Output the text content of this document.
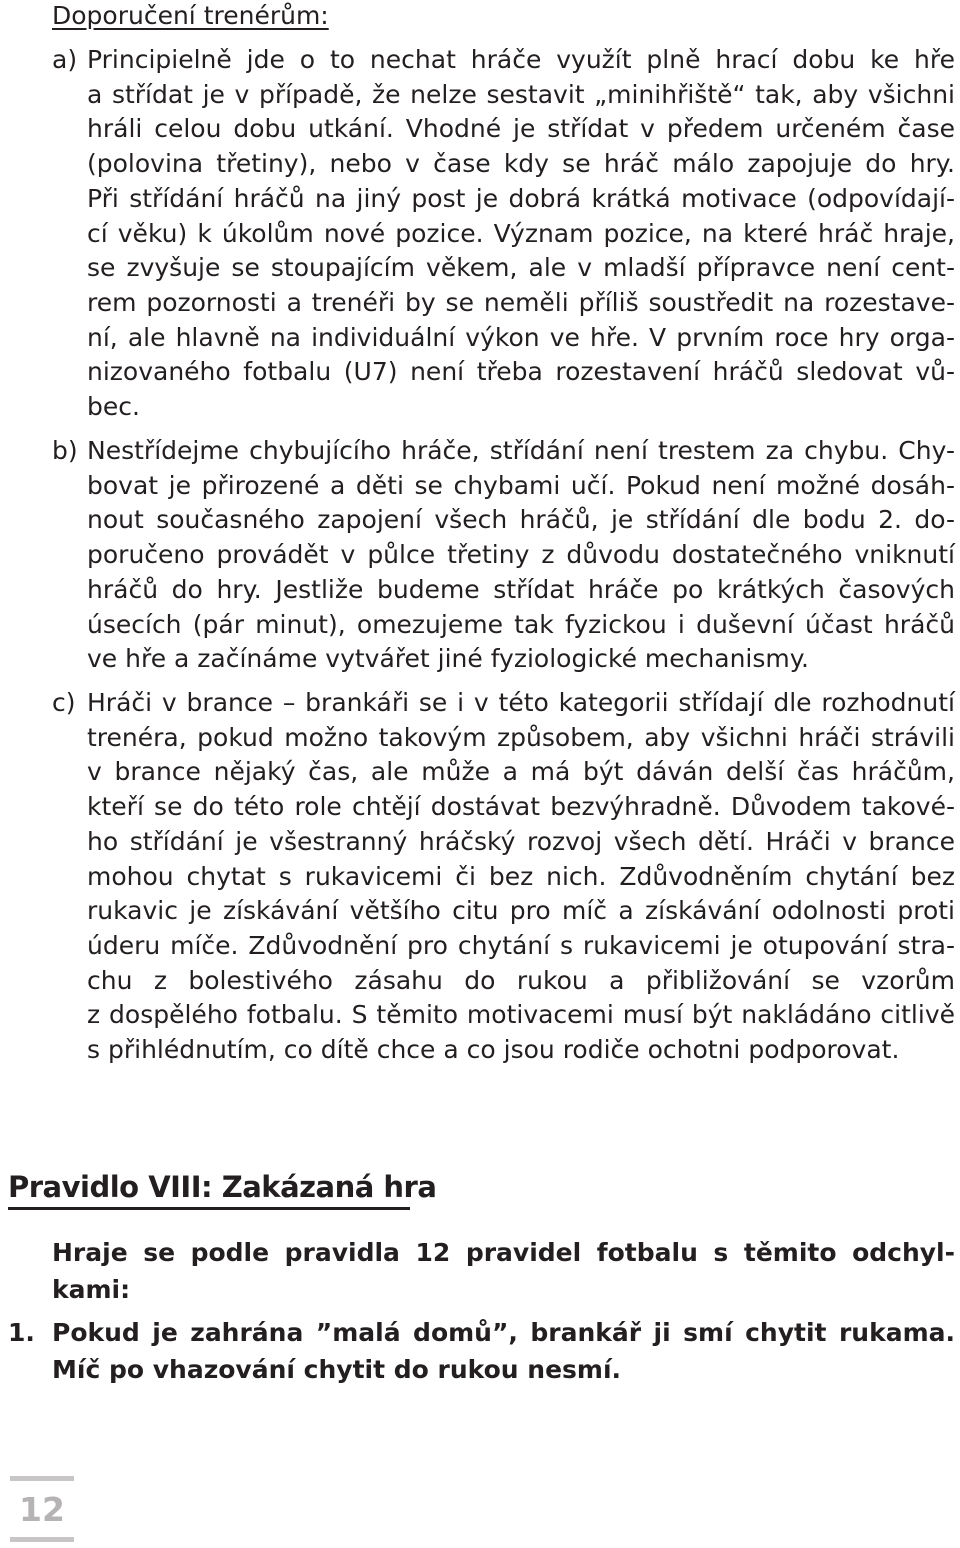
Doporučení trenérům:
a) Principielně jde o to nechat hráče využít plně hrací dobu ke hře
a střídat je v případě, že nelze sestavit „minihřiště“ tak, aby všichni
hráli celou dobu utkání. Vhodné je střídat v předem určeném čase
(polovina třetiny), nebo v čase kdy se hráč málo zapojuje do hry.
Při střídání hráčů na jiný post je dobrá krátká motivace (odpovídají-
cí věku) k úkolům nové pozice. Význam pozice, na které hráč hraje,
se zvyšuje se stoupajícím věkem, ale v mladší přípravce není cent-
rem pozornosti a trenéři by se neměli příliš soustředit na rozestave-
ní, ale hlavně na individuální výkon ve hře. V prvním roce hry orga-
nizovaného fotbalu (U7) není třeba rozestavení hráčů sledovat vů-
bec.
b) Nestřídejme chybujícího hráče, střídání není trestem za chybu. Chy-
bovat je přirozené a děti se chybami učí. Pokud není možné dosáh-
nout současného zapojení všech hráčů, je střídání dle bodu 2. do-
poručeno provádět v půlce třetiny z důvodu dostatečného vniknutí
hráčů do hry. Jestliže budeme střídat hráče po krátkých časových
úsecích (pár minut), omezujeme tak fyzickou i duševní účast hráčů
ve hře a začínáme vytvářet jiné fyziologické mechanismy.
c) Hráči v brance – brankáři se i v této kategorii střídají dle rozhodnutí
trenéra, pokud možno takovým způsobem, aby všichni hráči strávili
v brance nějaký čas, ale může a má být dáván delší čas hráčům,
kteří se do této role chtějí dostávat bezvýhradně. Důvodem takové-
ho střídání je všestranný hráčský rozvoj všech dětí. Hráči v brance
mohou chytat s rukavicemi či bez nich. Zdůvodněním chytání bez
rukavic je získávání většího citu pro míč a získávání odolnosti proti
úderu míče. Zdůvodnění pro chytání s rukavicemi je otupování stra-
chu z bolestivého zásahu do rukou a přibližování se vzorům
z dospělého fotbalu. S těmito motivacemi musí být nakládáno citlivě
s přihlédnutím, co dítě chce a co jsou rodiče ochotni podporovat.
Pravidlo VIII: Zakázaná hra
Hraje se podle pravidla 12 pravidel fotbalu s těmito odchyl-
kami:
1. Pokud je zahrána ”malá domů”, brankář ji smí chytit rukama.
Míč po vhazování chytit do rukou nesmí.
12
